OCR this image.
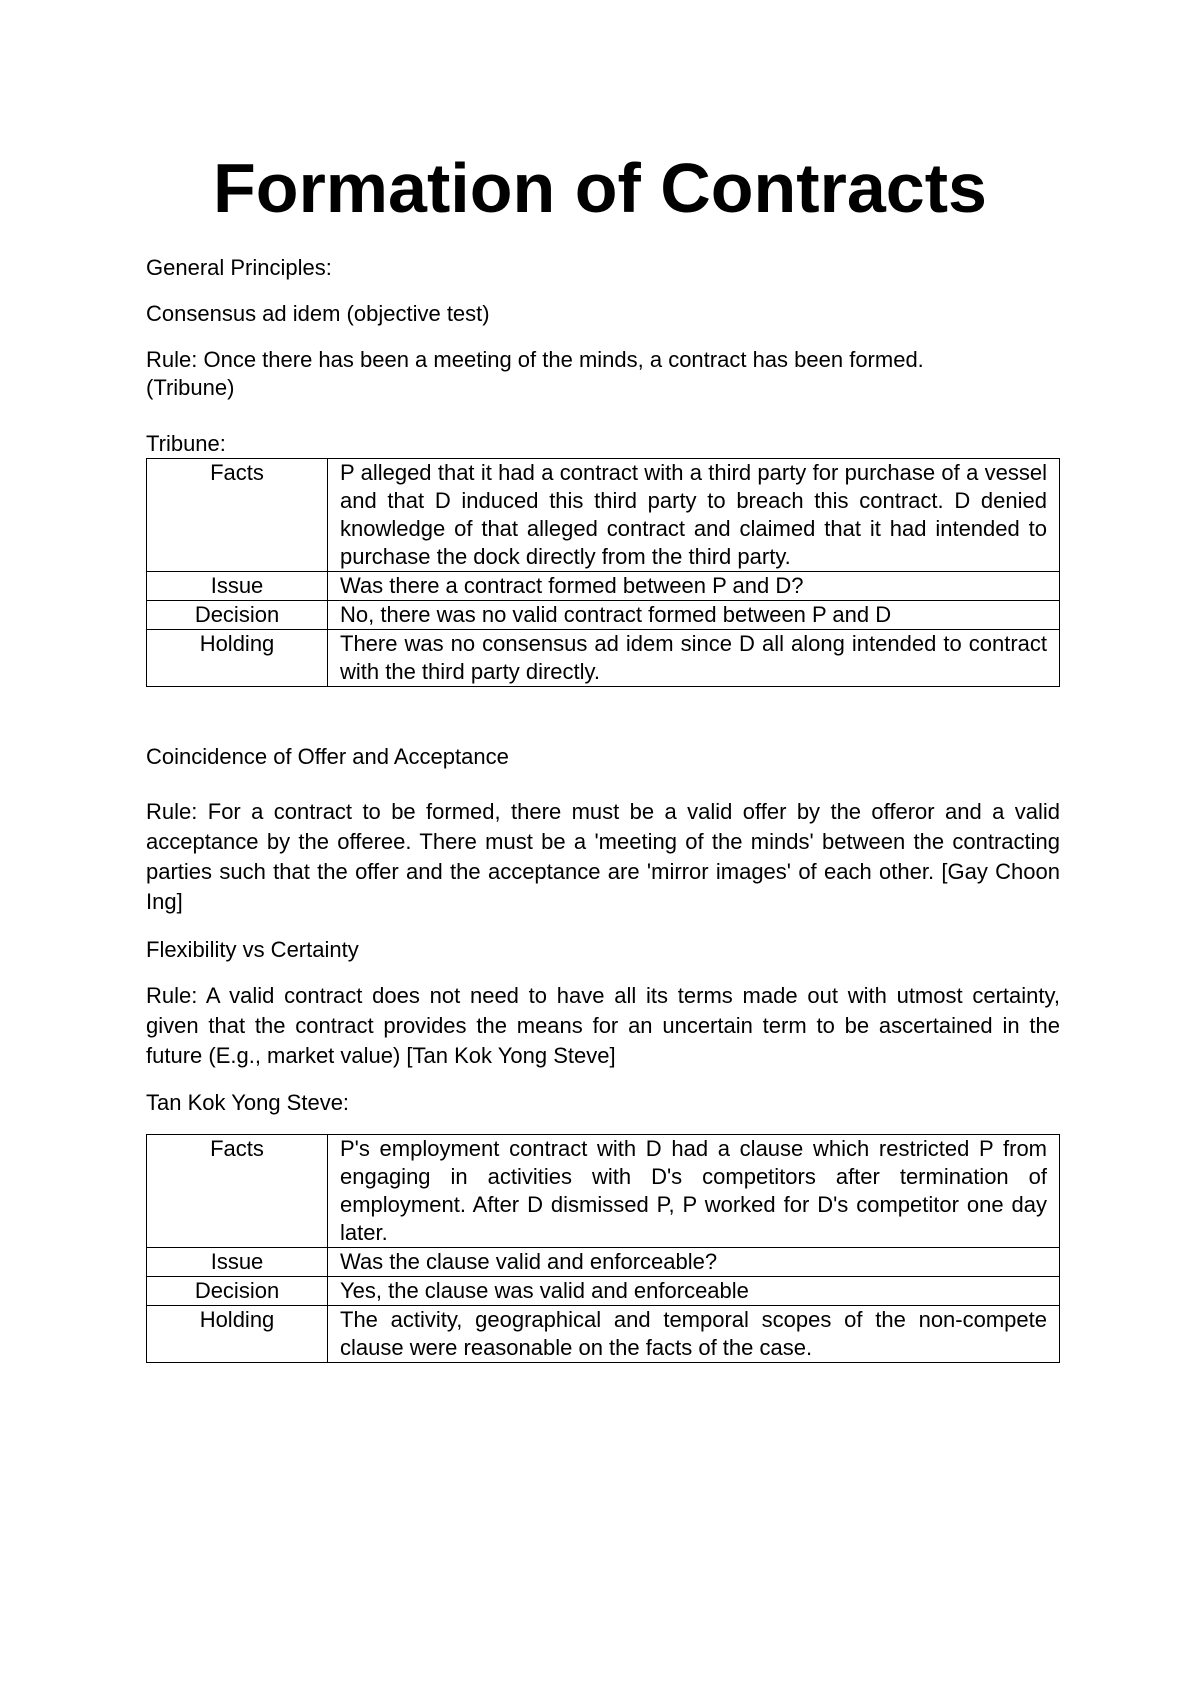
Formation of Contracts
General Principles:
Consensus ad idem (objective test)
Rule: Once there has been a meeting of the minds, a contract has been formed.
(Tribune)
Tribune:
Facts	P alleged that it had a contract with a third party for purchase of a vessel and that D induced this third party to breach this contract. D denied knowledge of that alleged contract and claimed that it had intended to purchase the dock directly from the third party.
Issue	Was there a contract formed between P and D?
Decision	No, there was no valid contract formed between P and D
Holding	There was no consensus ad idem since D all along intended to contract with the third party directly.
Coincidence of Offer and Acceptance
Rule: For a contract to be formed, there must be a valid offer by the offeror and a valid acceptance by the offeree. There must be a 'meeting of the minds' between the contracting parties such that the offer and the acceptance are 'mirror images' of each other. [Gay Choon Ing]
Flexibility vs Certainty
Rule: A valid contract does not need to have all its terms made out with utmost certainty, given that the contract provides the means for an uncertain term to be ascertained in the future (E.g., market value) [Tan Kok Yong Steve]
Tan Kok Yong Steve:
Facts	P's employment contract with D had a clause which restricted P from engaging in activities with D's competitors after termination of employment. After D dismissed P, P worked for D's competitor one day later.
Issue	Was the clause valid and enforceable?
Decision	Yes, the clause was valid and enforceable
Holding	The activity, geographical and temporal scopes of the non-compete clause were reasonable on the facts of the case.
